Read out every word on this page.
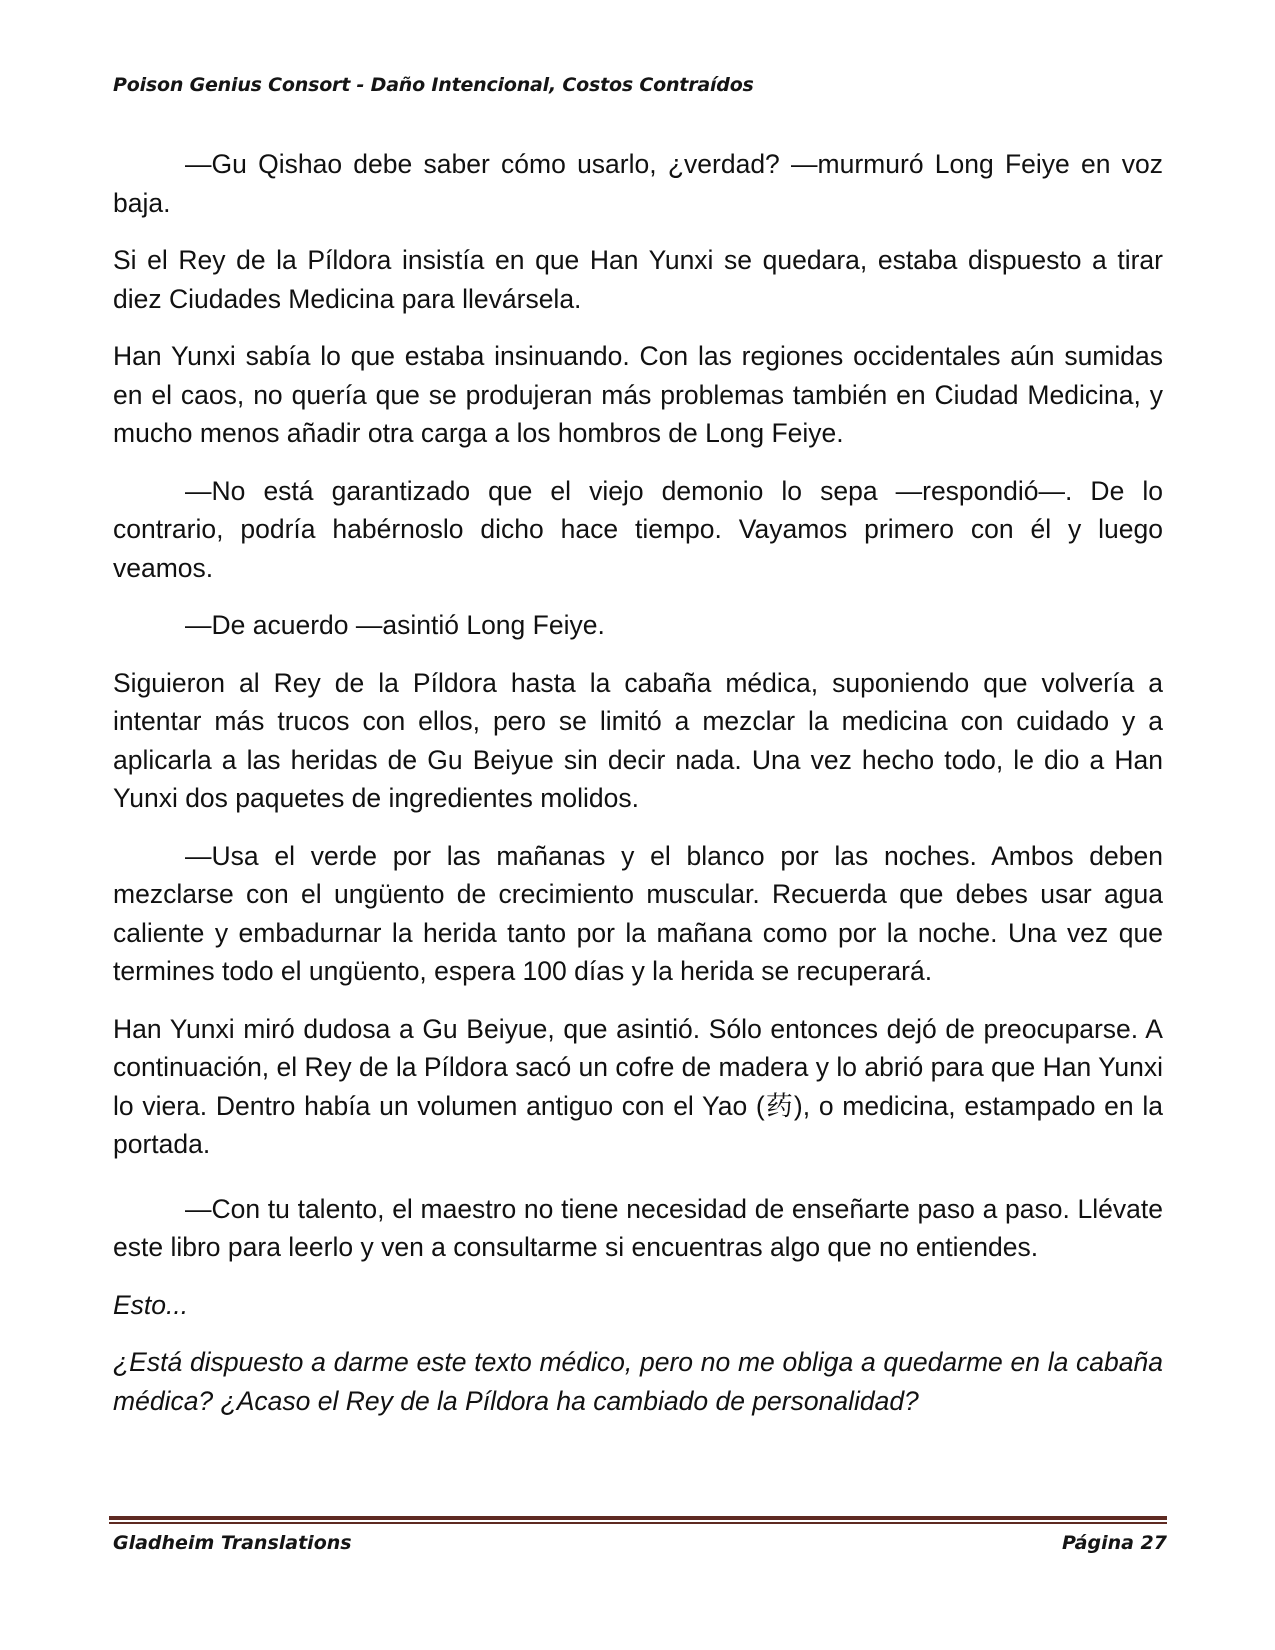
Poison Genius Consort - Daño Intencional, Costos Contraídos

—Gu Qishao debe saber cómo usarlo, ¿verdad? —murmuró Long Feiye en voz baja.

Si el Rey de la Píldora insistía en que Han Yunxi se quedara, estaba dispuesto a tirar diez Ciudades Medicina para llevársela.

Han Yunxi sabía lo que estaba insinuando. Con las regiones occidentales aún sumidas en el caos, no quería que se produjeran más problemas también en Ciudad Medicina, y mucho menos añadir otra carga a los hombros de Long Feiye.

—No está garantizado que el viejo demonio lo sepa —respondió—. De lo contrario, podría habérnoslo dicho hace tiempo. Vayamos primero con él y luego veamos.

—De acuerdo —asintió Long Feiye.

Siguieron al Rey de la Píldora hasta la cabaña médica, suponiendo que volvería a intentar más trucos con ellos, pero se limitó a mezclar la medicina con cuidado y a aplicarla a las heridas de Gu Beiyue sin decir nada. Una vez hecho todo, le dio a Han Yunxi dos paquetes de ingredientes molidos.

—Usa el verde por las mañanas y el blanco por las noches. Ambos deben mezclarse con el ungüento de crecimiento muscular. Recuerda que debes usar agua caliente y embadurnar la herida tanto por la mañana como por la noche. Una vez que termines todo el ungüento, espera 100 días y la herida se recuperará.

Han Yunxi miró dudosa a Gu Beiyue, que asintió. Sólo entonces dejó de preocuparse. A continuación, el Rey de la Píldora sacó un cofre de madera y lo abrió para que Han Yunxi lo viera. Dentro había un volumen antiguo con el Yao (药), o medicina, estampado en la portada.

—Con tu talento, el maestro no tiene necesidad de enseñarte paso a paso. Llévate este libro para leerlo y ven a consultarme si encuentras algo que no entiendes.

Esto...

¿Está dispuesto a darme este texto médico, pero no me obliga a quedarme en la cabaña médica? ¿Acaso el Rey de la Píldora ha cambiado de personalidad?

Gladheim Translations	Página 27
